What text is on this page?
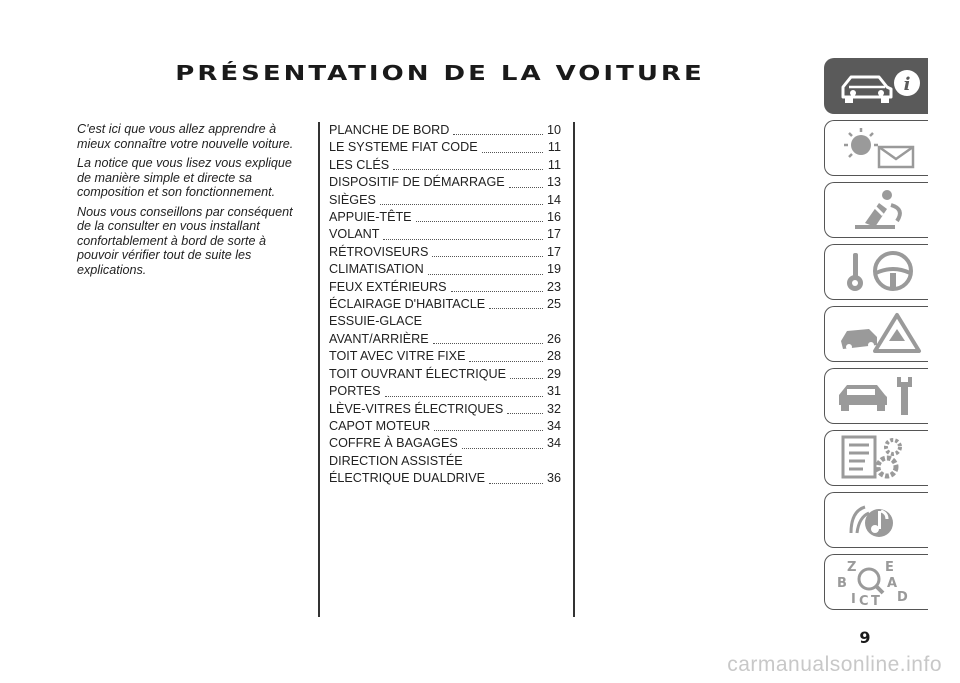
PRÉSENTATION DE LA VOITURE

C'est ici que vous allez apprendre à mieux connaître votre nouvelle voiture.

La notice que vous lisez vous explique de manière simple et directe sa composition et son fonctionnement.

Nous vous conseillons par conséquent de la consulter en vous installant confortablement à bord de sorte à pouvoir vérifier tout de suite les explications.

PLANCHE DE BORD	10
LE SYSTEME FIAT CODE	11
LES CLÉS	11
DISPOSITIF DE DÉMARRAGE	13
SIÈGES	14
APPUIE-TÊTE	16
VOLANT	17
RÉTROVISEURS	17
CLIMATISATION	19
FEUX EXTÉRIEURS	23
ÉCLAIRAGE D'HABITACLE	25
ESSUIE-GLACE
AVANT/ARRIÈRE	26
TOIT AVEC VITRE FIXE	28
TOIT OUVRANT ÉLECTRIQUE	29
PORTES	31
LÈVE-VITRES ÉLECTRIQUES	32
CAPOT MOTEUR	34
COFFRE À BAGAGES	34
DIRECTION ASSISTÉE
ÉLECTRIQUE DUALDRIVE	36
i
Z E
A
B
D
C T
I
9
carmanualsonline.info
